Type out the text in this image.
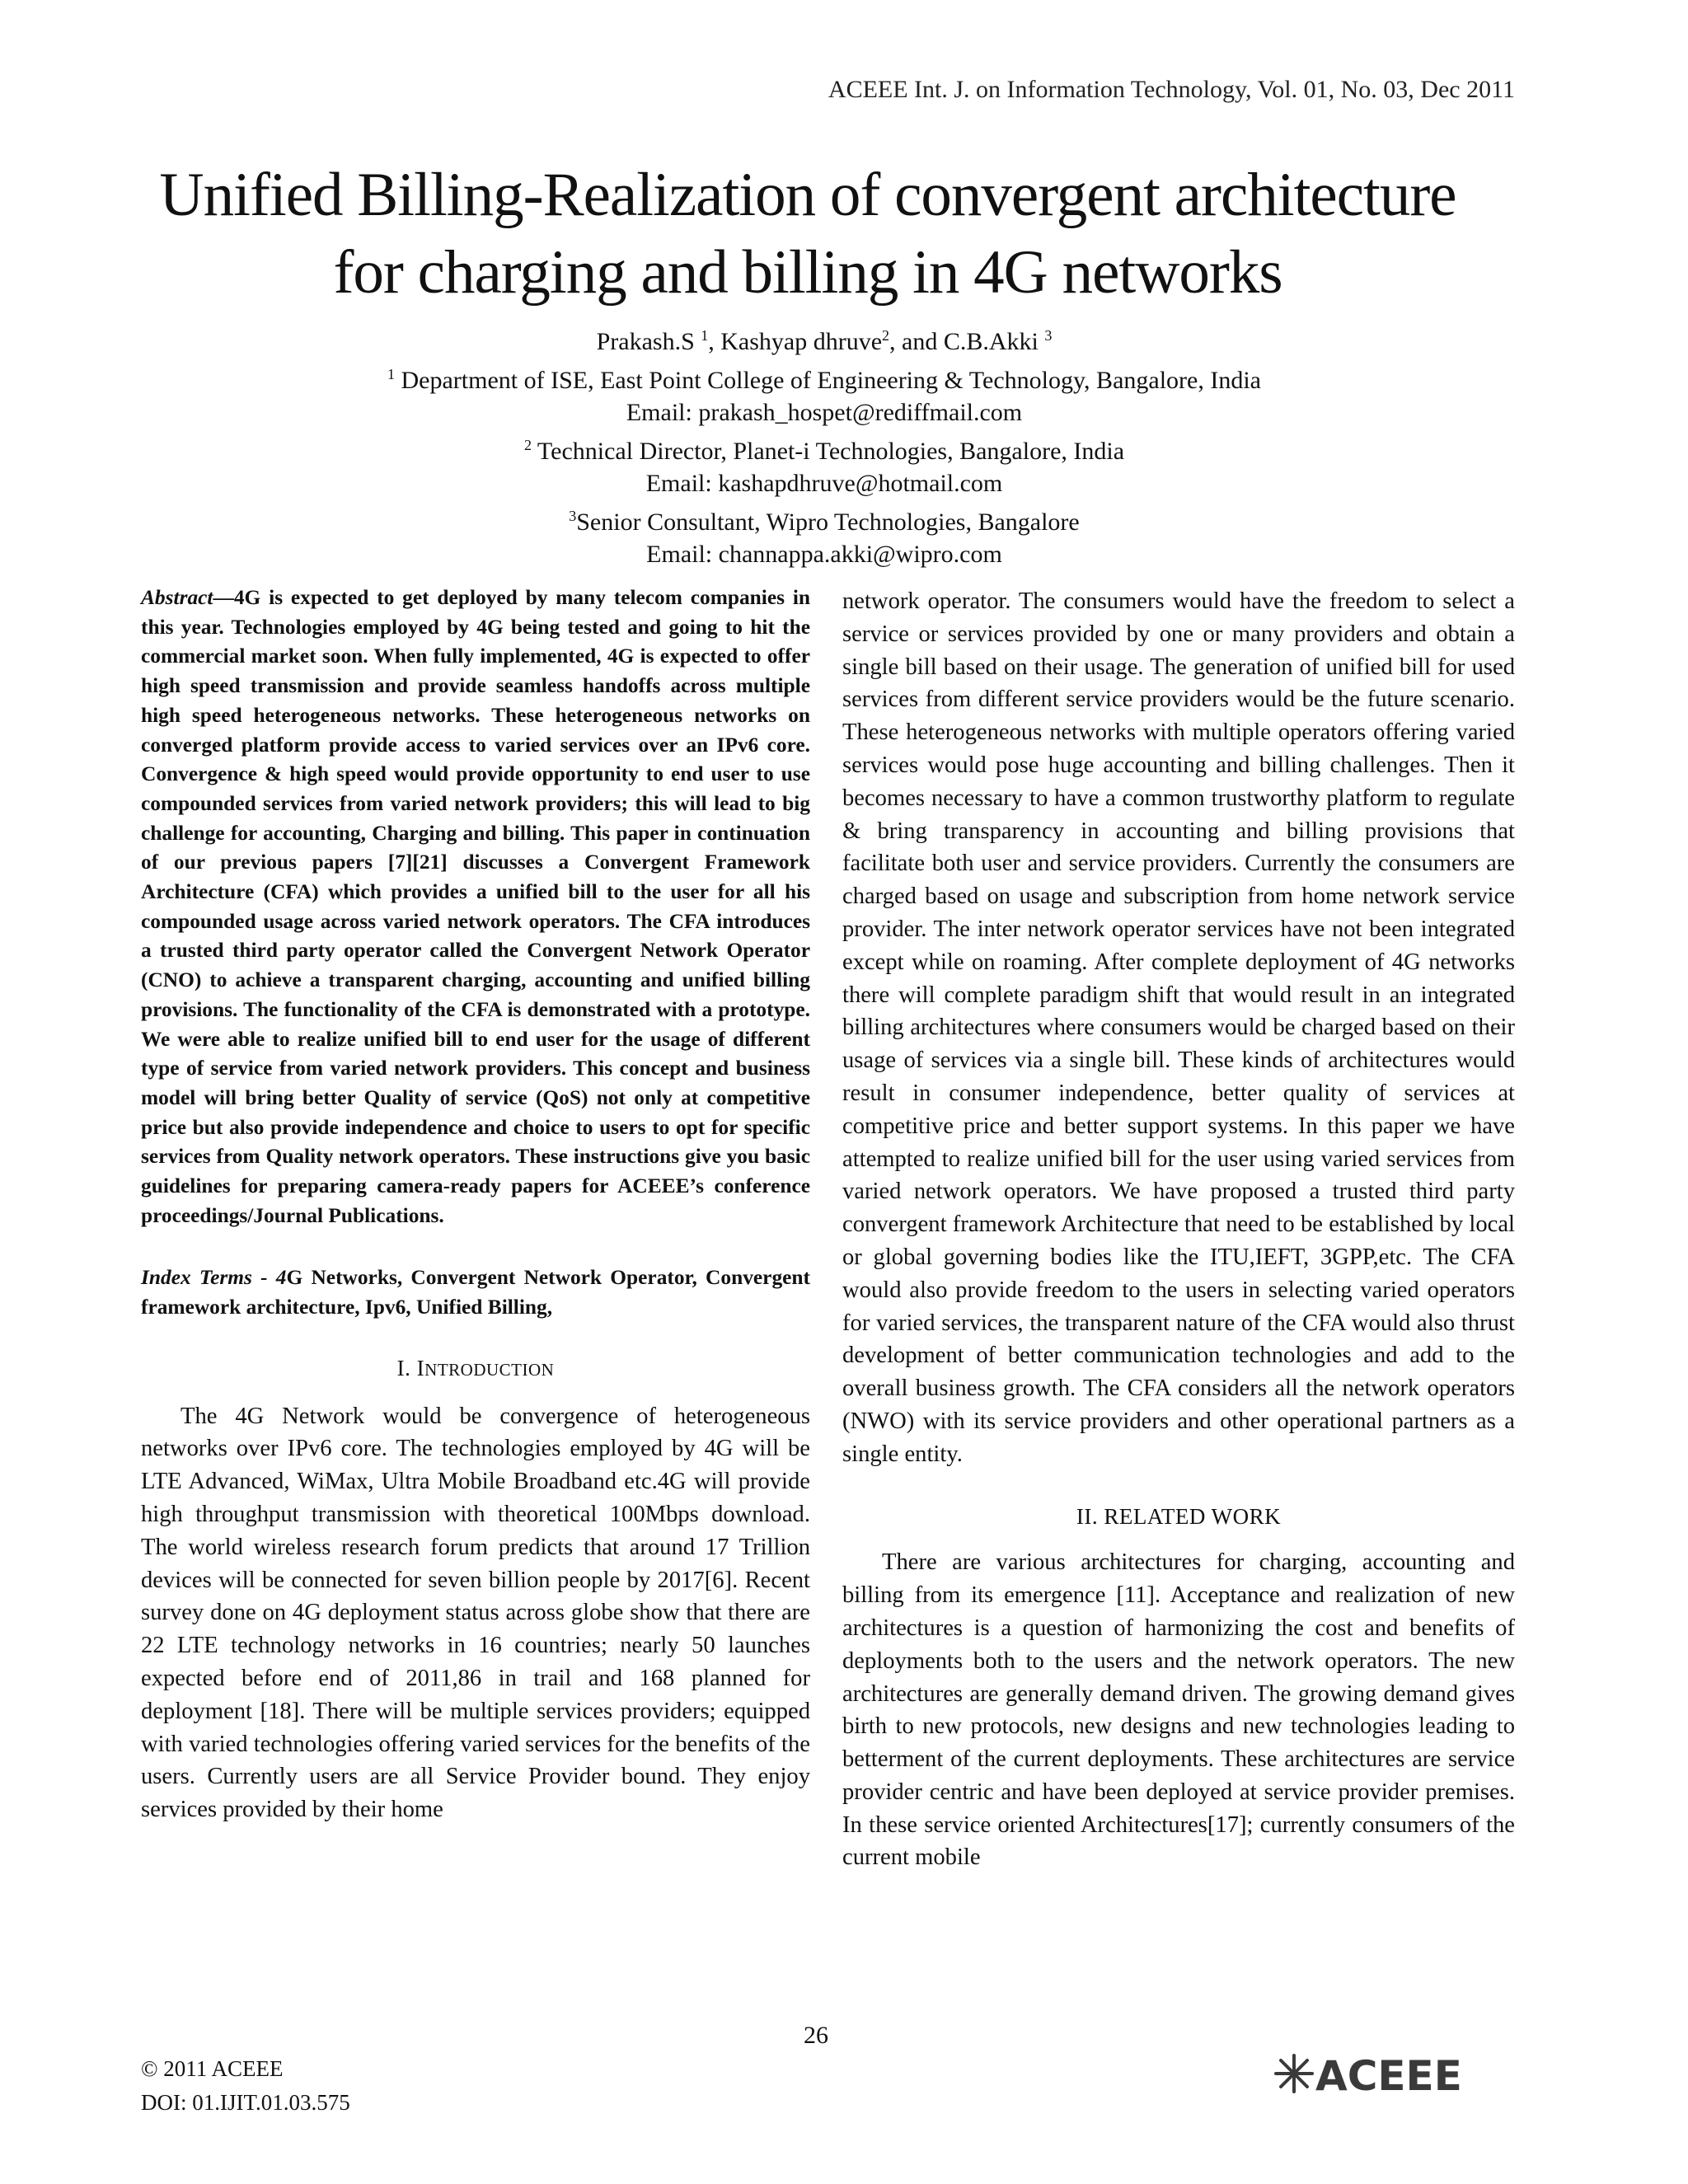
ACEEE Int. J. on Information Technology, Vol. 01, No. 03, Dec 2011
Unified Billing-Realization of convergent architecture
for charging and billing in 4G networks
Prakash.S $^1$, Kashyap dhruve$^2$, and C.B.Akki $^3$
$^1$ Department of ISE, East Point College of Engineering & Technology, Bangalore, India
Email: prakash_hospet@rediffmail.com
$^2$ Technical Director, Planet-i Technologies, Bangalore, India
Email: kashapdhruve@hotmail.com
$^3$Senior Consultant, Wipro Technologies, Bangalore
Email: channappa.akki@wipro.com

Abstract—4G is expected to get deployed by many telecom companies in this year. Technologies employed by 4G being tested and going to hit the commercial market soon. When fully implemented, 4G is expected to offer high speed transmission and provide seamless handoffs across multiple high speed heterogeneous networks. These heterogeneous networks on converged platform provide access to varied services over an IPv6 core. Convergence & high speed would provide opportunity to end user to use compounded services from varied network providers; this will lead to big challenge for accounting, Charging and billing. This paper in continuation of our previous papers [7][21] discusses a Convergent Framework Architecture (CFA) which provides a unified bill to the user for all his compounded usage across varied network operators. The CFA introduces a trusted third party operator called the Convergent Network Operator (CNO) to achieve a transparent charging, accounting and unified billing provisions. The functionality of the CFA is demonstrated with a prototype. We were able to realize unified bill to end user for the usage of different type of service from varied network providers. This concept and business model will bring better Quality of service (QoS) not only at competitive price but also provide independence and choice to users to opt for specific services from Quality network operators. These instructions give you basic guidelines for preparing camera-ready papers for ACEEE’s conference proceedings/Journal Publications.

Index Terms - 4G Networks, Convergent Network Operator, Convergent framework architecture, Ipv6, Unified Billing,

I. INTRODUCTION

The 4G Network would be convergence of heterogeneous networks over IPv6 core. The technologies employed by 4G will be LTE Advanced, WiMax, Ultra Mobile Broadband etc.4G will provide high throughput transmission with theoretical 100Mbps download. The world wireless research forum predicts that around 17 Trillion devices will be connected for seven billion people by 2017[6]. Recent survey done on 4G deployment status across globe show that there are 22 LTE technology networks in 16 countries; nearly 50 launches expected before end of 2011,86 in trail and 168 planned for deployment [18]. There will be multiple services providers; equipped with varied technologies offering varied services for the benefits of the users. Currently users are all Service Provider bound. They enjoy services provided by their home

network operator. The consumers would have the freedom to select a service or services provided by one or many providers and obtain a single bill based on their usage. The generation of unified bill for used services from different service providers would be the future scenario. These heterogeneous networks with multiple operators offering varied services would pose huge accounting and billing challenges. Then it becomes necessary to have a common trustworthy platform to regulate & bring transparency in accounting and billing provisions that facilitate both user and service providers. Currently the consumers are charged based on usage and subscription from home network service provider. The inter network operator services have not been integrated except while on roaming. After complete deployment of 4G networks there will complete paradigm shift that would result in an integrated billing architectures where consumers would be charged based on their usage of services via a single bill. These kinds of architectures would result in consumer independence, better quality of services at competitive price and better support systems. In this paper we have attempted to realize unified bill for the user using varied services from varied network operators. We have proposed a trusted third party convergent framework Architecture that need to be established by local or global governing bodies like the ITU,IEFT, 3GPP,etc. The CFA would also provide freedom to the users in selecting varied operators for varied services, the transparent nature of the CFA would also thrust development of better communication technologies and add to the overall business growth. The CFA considers all the network operators (NWO) with its service providers and other operational partners as a single entity.

II. RELATED WORK

There are various architectures for charging, accounting and billing from its emergence [11]. Acceptance and realization of new architectures is a question of harmonizing the cost and benefits of deployments both to the users and the network operators. The new architectures are generally demand driven. The growing demand gives birth to new protocols, new designs and new technologies leading to betterment of the current deployments. These architectures are service provider centric and have been deployed at service provider premises. In these service oriented Architectures[17]; currently consumers of the current mobile

26
© 2011 ACEEE
DOI: 01.IJIT.01.03.575
ACEEE
